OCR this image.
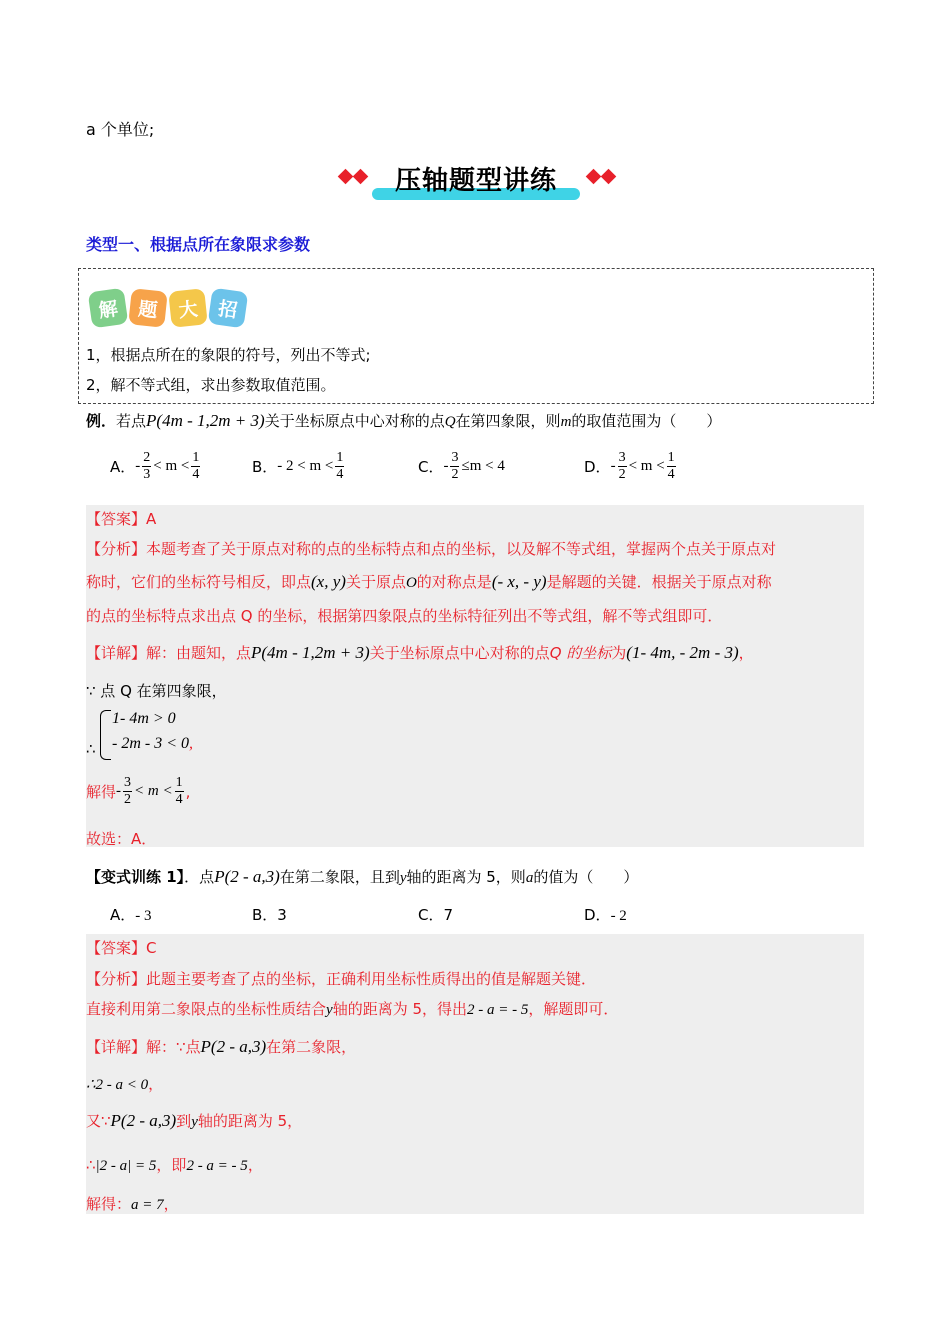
a 个单位;
压轴题型讲练
类型一、根据点所在象限求参数
解 题	大 招
1，根据点所在的象限的符号，列出不等式;
2，解不等式组，求出参数取值范围。
例．若点P(4m - 1,2m + 3)关于坐标原点中心对称的点Q在第四象限，则m的取值范围为（　　）
A． - $\frac{2}{3} < m < \frac{1}{4}$	B． - $2 < m < \frac{1}{4}$	C． - $\frac{3}{2} \le m < 4$	D． - $\frac{3}{2} < m < \frac{1}{4}$
【答案】A
【分析】本题考查了关于原点对称的点的坐标特点和点的坐标，以及解不等式组，掌握两个点关于原点对
称时，它们的坐标符号相反，即点(x, y)关于原点O的对称点是(- x, - y)是解题的关键．根据关于原点对称
的点的坐标特点求出点 Q 的坐标，根据第四象限点的坐标特征列出不等式组，解不等式组即可．
【详解】解：由题知，点P(4m - 1,2m + 3)关于坐标原点中心对称的点Q 的坐标为(1- 4m, - 2m - 3)，
∵ 点 Q 在第四象限，
∴
1- 4m > 0
- 2m - 3 < 0,
解得 - $\frac{3}{2} < m < \frac{1}{4}$ ,
故选：A．
【变式训练 1】．点P(2 - a,3)在第二象限，且到y轴的距离为 5，则a的值为（　　）
A．- 3	B．3	C．7	D．- 2
【答案】C
【分析】此题主要考查了点的坐标，正确利用坐标性质得出的值是解题关键．
直接利用第二象限点的坐标性质结合y轴的距离为 5，得出2 - a = - 5，解题即可．
【详解】解：∵点P(2 - a,3)在第二象限，
∴2 - a < 0，
又∵P(2 - a,3)到y轴的距离为 5，
∴|2 - a| = 5，即2 - a = - 5，
解得：a = 7，
